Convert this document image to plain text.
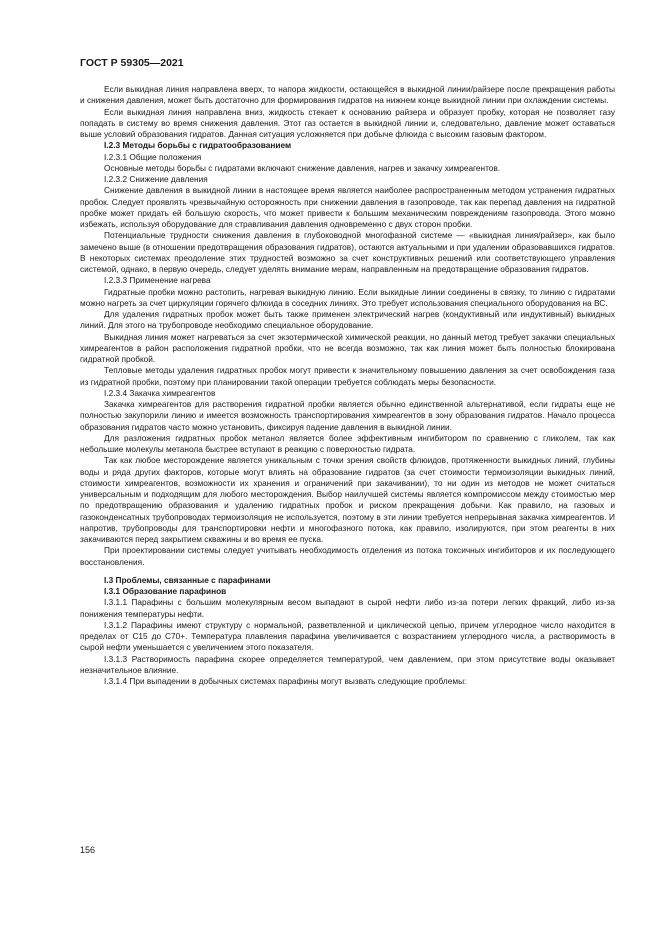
ГОСТ Р 59305—2021

Если выкидная линия направлена вверх, то напора жидкости, остающейся в выкидной линии/райзере после прекращения работы и снижения давления, может быть достаточно для формирования гидратов на нижнем конце выкидной линии при охлаждении системы.

Если выкидная линия направлена вниз, жидкость стекает к основанию райзера и образует пробку, которая не позволяет газу попадать в систему во время снижения давления. Этот газ остается в выкидной линии и, следовательно, давление может оставаться выше условий образования гидратов. Данная ситуация усложняется при добыче флюида с высоким газовым фактором.

I.2.3 Методы борьбы с гидратообразованием

I.2.3.1 Общие положения

Основные методы борьбы с гидратами включают снижение давления, нагрев и закачку химреагентов.

I.2.3.2 Снижение давления

Снижение давления в выкидной линии в настоящее время является наиболее распространенным методом устранения гидратных пробок. Следует проявлять чрезвычайную осторожность при снижении давления в газопроводе, так как перепад давления на гидратной пробке может придать ей большую скорость, что может привести к большим механическим повреждениям газопровода. Этого можно избежать, используя оборудование для стравливания давления одновременно с двух сторон пробки.

Потенциальные трудности снижения давления в глубоководной многофазной системе — «выкидная линия/райзер», как было замечено выше (в отношении предотвращения образования гидратов), остаются актуальными и при удалении образовавшихся гидратов. В некоторых системах преодоление этих трудностей возможно за счет конструктивных решений или соответствующего управления системой, однако, в первую очередь, следует уделять внимание мерам, направленным на предотвращение образования гидратов.

I.2.3.3 Применение нагрева

Гидратные пробки можно растопить, нагревая выкидную линию. Если выкидные линии соединены в связку, то линию с гидратами можно нагреть за счет циркуляции горячего флюида в соседних линиях. Это требует использования специального оборудования на ВС.

Для удаления гидратных пробок может быть также применен электрический нагрев (кондуктивный или индуктивный) выкидных линий. Для этого на трубопроводе необходимо специальное оборудование.

Выкидная линия может нагреваться за счет экзотермической химической реакции, но данный метод требует закачки специальных химреагентов в район расположения гидратной пробки, что не всегда возможно, так как линия может быть полностью блокирована гидратной пробкой.

Тепловые методы удаления гидратных пробок могут привести к значительному повышению давления за счет освобождения газа из гидратной пробки, поэтому при планировании такой операции требуется соблюдать меры безопасности.

I.2.3.4 Закачка химреагентов

Закачка химреагентов для растворения гидратной пробки является обычно единственной альтернативой, если гидраты еще не полностью закупорили линию и имеется возможность транспортирования химреагентов в зону образования гидратов. Начало процесса образования гидратов часто можно установить, фиксируя падение давления в выкидной линии.

Для разложения гидратных пробок метанол является более эффективным ингибитором по сравнению с гликолем, так как небольшие молекулы метанола быстрее вступают в реакцию с поверхностью гидрата.

Так как любое месторождение является уникальным с точки зрения свойств флюидов, протяженности выкидных линий, глубины воды и ряда других факторов, которые могут влиять на образование гидратов (за счет стоимости термоизоляции выкидных линий, стоимости химреагентов, возможности их хранения и ограничений при закачивании), то ни один из методов не может считаться универсальным и подходящим для любого месторождения. Выбор наилучшей системы является компромиссом между стоимостью мер по предотвращению образования и удалению гидратных пробок и риском прекращения добычи. Как правило, на газовых и газоконденсатных трубопроводах термоизоляция не используется, поэтому в эти линии требуется непрерывная закачка химреагентов. И напротив, трубопроводы для транспортировки нефти и многофазного потока, как правило, изолируются, при этом реагенты в них закачиваются перед закрытием скважины и во время ее пуска.

При проектировании системы следует учитывать необходимость отделения из потока токсичных ингибиторов и их последующего восстановления.

I.3 Проблемы, связанные с парафинами

I.3.1 Образование парафинов

I.3.1.1 Парафины с большим молекулярным весом выпадают в сырой нефти либо из-за потери легких фракций, либо из-за понижения температуры нефти.

I.3.1.2 Парафины имеют структуру с нормальной, разветвленной и циклической цепью, причем углеродное число находится в пределах от C15 до C70+. Температура плавления парафина увеличивается с возрастанием углеродного числа, а растворимость в сырой нефти уменьшается с увеличением этого показателя.

I.3.1.3 Растворимость парафина скорее определяется температурой, чем давлением, при этом присутствие воды оказывает незначительное влияние.

I.3.1.4 При выпадении в добычных системах парафины могут вызвать следующие проблемы:

156
